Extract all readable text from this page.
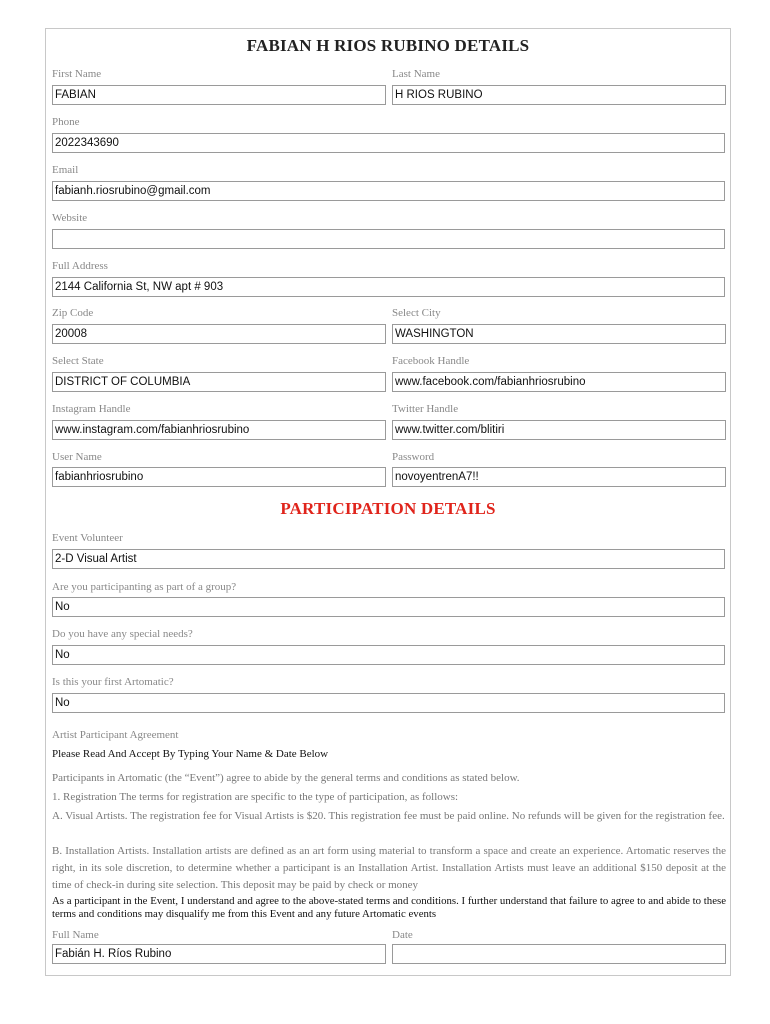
FABIAN H RIOS RUBINO DETAILS
First Name	Last Name
FABIAN	H RIOS RUBINO
Phone
2022343690
Email
fabianh.riosrubino@gmail.com
Website
Full Address
2144 California St, NW apt # 903
Zip Code	Select City
20008	WASHINGTON
Select State	Facebook Handle
DISTRICT OF COLUMBIA	www.facebook.com/fabianhriosrubino
Instagram Handle	Twitter Handle
www.instagram.com/fabianhriosrubino	www.twitter.com/blitiri
User Name	Password
fabianhriosrubino	novoyentrenA7!!
PARTICIPATION DETAILS
Event Volunteer
2-D Visual Artist
Are you participanting as part of a group?
No
Do you have any special needs?
No
Is this your first Artomatic?
No
Artist Participant Agreement
Please Read And Accept By Typing Your Name & Date Below
Participants in Artomatic (the “Event”) agree to abide by the general terms and conditions as stated below.
1. Registration The terms for registration are specific to the type of participation, as follows:
A. Visual Artists. The registration fee for Visual Artists is $20. This registration fee must be paid online. No refunds will be given for the registration fee.
B. Installation Artists. Installation artists are defined as an art form using material to transform a space and create an experience. Artomatic reserves the right, in its sole discretion, to determine whether a participant is an Installation Artist. Installation Artists must leave an additional $150 deposit at the time of check-in during site selection. This deposit may be paid by check or money
As a participant in the Event, I understand and agree to the above-stated terms and conditions. I further understand that failure to agree to and abide to these terms and conditions may disqualify me from this Event and any future Artomatic events
Full Name	Date
Fabián H. Ríos Rubino
